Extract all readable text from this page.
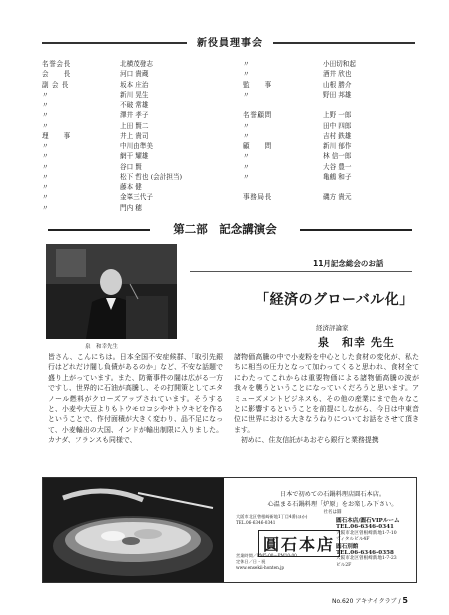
新役員理事会
名誉会長	北横茂發志
会　　長	河口 貴蔵
副 会 長	坂本 庄治
〃	新川 晃生
〃	不破 常雄
〃	澤井 孝子
〃	上田 賢二
理　　事	井上 貴司
〃	中川由準美
〃	網干 耀雄
〃	谷口 賢
〃	松下 哲也 (会計担当)
〃	藤本 健
〃	金峯三代子
〃	門内 穂
〃	小田切和起
〃	酒井 欣也
監　　事	山根 勝介
〃	野田 邦雄
名誉顧問	上野 一郎
〃	田中 四郎
〃	吉村 鉄雄
顧　　問	新川 郁作
〃	林 信一郎
〃	大谷 豊一
〃	亀鶴 和子
事務局長	磯方 貴元
第二部　記念講演会
泉　和幸先生
11月記念総会のお話
「経済のグローバル化」
経済評論家
泉　和幸 先生

皆さん、こんにちは。日本全国不安症候群、「取引先銀行はどれだけ闇し負債があるのか」など、不安な話題で盛り上がっています。また、防衛事件の闇は広がる一方ですし、世界的に石油が高騰し、その打開策としてエタノール燃料がクローズアップされています。そうすると、小麦や大豆よりもトウモロコシやサトウキビを作るということで、作付面積が大きく変わり、品不足になって、小麦輸出の大国、インドが輸出制限に入りました。カナダ、フランスも同様で、

諸物価高騰の中で小麦粉を中心とした食材の変化が、私たちに相当の圧力となって加わってくると思われ、食材全てにわたってこれからは重要物価による諸物価高騰の波が我々を襲うということになっていくだろうと思います。アミューズメントビジネスも、その他の産業にまで色々なことに影響するということを前提にしながら、今日は中東音位に世界における大きなうねりについてお話をさせて頂きます。

初めに、住友信託があおぞら銀行と業務提携

日本で初めての石鍋料理店圓石本店。
心温まる石鍋料理「炉原」をお楽しみ下さい。
社名は圓
大阪市北区曾根崎新地1丁目4番(ほか)
TEL.06-6346-0341
圓石本店
営業時間／PM5:00〜PM10:00
定休日／日・祝
www.ensekii-honten.jp
圓石本店/圓石VIPルーム
TEL.06-6346-0341
大阪市北区曾根崎新地1-7-10
ヴィタルビル4F
圓石別館
TEL.06-6346-0358
大阪市北区曾根崎新地1-7-23
ビル2F
No.620 アキナイクラブ / 5
